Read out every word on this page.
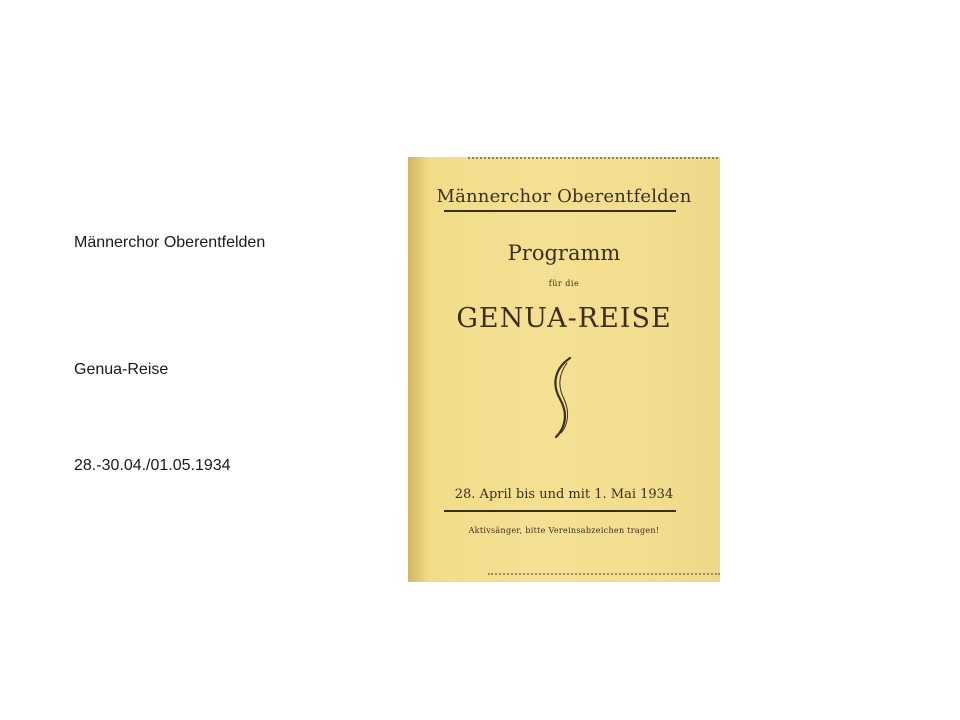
Männerchor Oberentfelden
Genua-Reise
28.-30.04./01.05.1934
Männerchor Oberentfelden
Programm
für die
GENUA-REISE
28. April bis und mit 1. Mai 1934
Aktivsänger, bitte Vereinsabzeichen tragen!
